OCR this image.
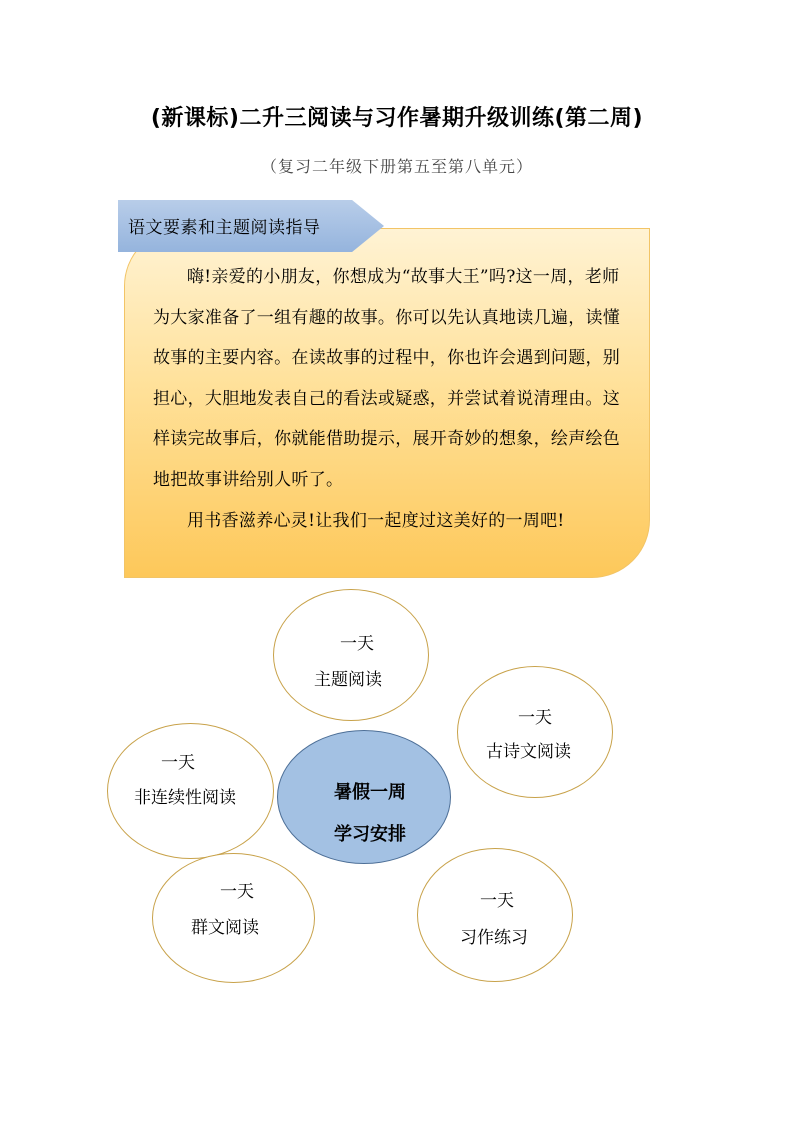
(新课标)二升三阅读与习作暑期升级训练(第二周)
（复习二年级下册第五至第八单元）
语文要素和主题阅读指导

嗨!亲爱的小朋友，你想成为“故事大王”吗?这一周，老师为大家准备了一组有趣的故事。你可以先认真地读几遍，读懂故事的主要内容。在读故事的过程中，你也许会遇到问题，别担心，大胆地发表自己的看法或疑惑，并尝试着说清理由。这样读完故事后，你就能借助提示，展开奇妙的想象，绘声绘色地把故事讲给别人听了。

用书香滋养心灵!让我们一起度过这美好的一周吧!

一天
主题阅读
一天
古诗文阅读
一天
非连续性阅读
一天
群文阅读
一天
习作练习
暑假一周
学习安排
